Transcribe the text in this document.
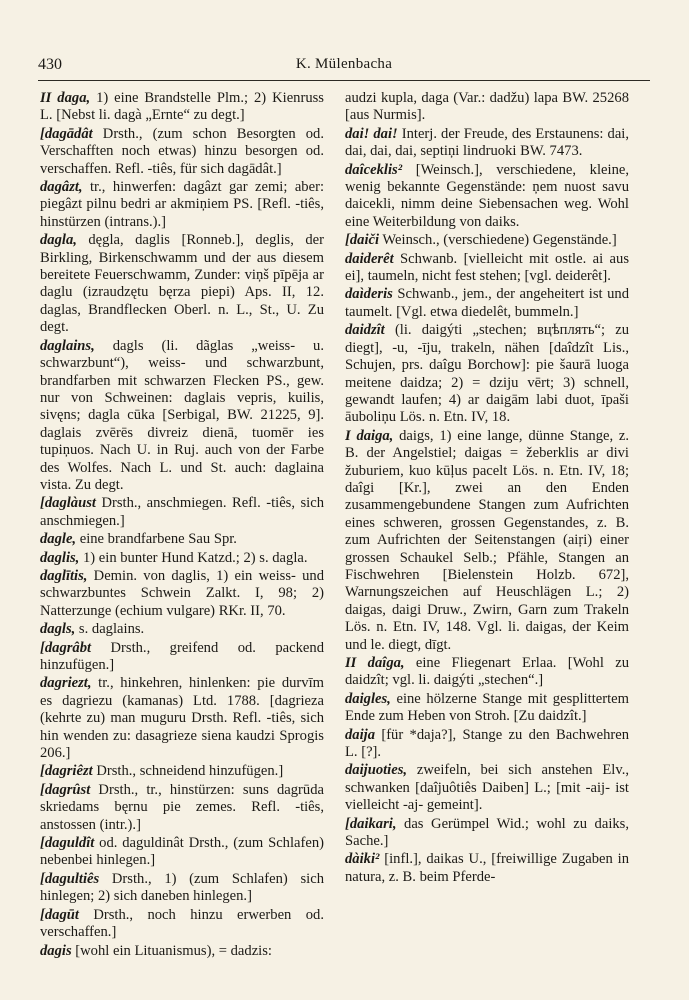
430	K. Mülenbacha

II daga, 1) eine Brandstelle Plm.; 2) Kienruss L. [Nebst li. dagà „Ernte“ zu degt.]

[dagādât Drsth., (zum schon Besorgten od. Verschafften noch etwas) hinzu besorgen od. verschaffen. Refl. -tiês, für sich dagādât.]

dagâzt, tr., hinwerfen: dagâzt gar zemi; aber: piegâzt pilnu bedri ar akmiņiem PS. [Refl. -tiês, hinstürzen (intrans.).]

dagla, dęgla, daglis [Ronneb.], deglis, der Birkling, Birkenschwamm und der aus diesem bereitete Feuerschwamm, Zunder: viņš pīpēja ar daglu (izraudzętu bęrza piepi) Aps. II, 12. daglas, Brandflecken Oberl. n. L., St., U. Zu degt.

daglains, dagls (li. dãglas „weiss- u. schwarzbunt“), weiss- und schwarzbunt, brandfarben mit schwarzen Flecken PS., gew. nur von Schweinen: daglais vepris, kuilis, sivęns; dagla cūka [Serbigal, BW. 21225, 9]. daglais zvērēs divreiz dienā, tuomēr ies tupiņuos. Nach U. in Ruj. auch von der Farbe des Wolfes. Nach L. und St. auch: daglaina vista. Zu degt.

[daglàust Drsth., anschmiegen. Refl. -tiês, sich anschmiegen.]

dagle, eine brandfarbene Sau Spr.

daglis, 1) ein bunter Hund Katzd.; 2) s. dagla.

daglītis, Demin. von daglis, 1) ein weiss- und schwarzbuntes Schwein Zalkt. I, 98; 2) Natterzunge (echium vulgare) RKr. II, 70.

dagls, s. daglains.

[dagrâbt Drsth., greifend od. packend hinzufügen.]

dagriezt, tr., hinkehren, hinlenken: pie durvīm es dagriezu (kamanas) Ltd. 1788. [dagrieza (kehrte zu) man muguru Drsth. Refl. -tiês, sich hin wenden zu: dasagrieze siena kaudzi Sprogis 206.]

[dagriêzt Drsth., schneidend hinzufügen.]

[dagrûst Drsth., tr., hinstürzen: suns dagrūda skriedams bęrnu pie zemes. Refl. -tiês, anstossen (intr.).]

[daguldît od. daguldinât Drsth., (zum Schlafen) nebenbei hinlegen.]

[dagultiês Drsth., 1) (zum Schlafen) sich hinlegen; 2) sich daneben hinlegen.]

[dagūt Drsth., noch hinzu erwerben od. verschaffen.]

dagis [wohl ein Lituanismus), = dadzis:

audzi kupla, daga (Var.: dadžu) lapa BW. 25268 [aus Nurmis].

dai! dai! Interj. der Freude, des Erstaunens: dai, dai, dai, dai, septiņi lindruoki BW. 7473.

daîceklis² [Weinsch.], verschiedene, kleine, wenig bekannte Gegenstände: ņem nuost savu daicekli, nimm deine Siebensachen weg. Wohl eine Weiterbildung von daiks.

[daiči Weinsch., (verschiedene) Gegenstände.]

daiderêt Schwanb. [vielleicht mit ostle. ai aus ei], taumeln, nicht fest stehen; [vgl. deiderêt].

daìderis Schwanb., jem., der angeheitert ist und taumelt. [Vgl. etwa diedelêt, bummeln.]

daidzît (li. daigýti „stechen; вцѣплять“; zu diegt], -u, -īju, trakeln, nähen [daîdzît Lis., Schujen, prs. daîgu Borchow]: pie šaurā luoga meitene daidza; 2) = dziju vērt; 3) schnell, gewandt laufen; 4) ar daigām labi duot, īpaši āuboliņu Lös. n. Etn. IV, 18.

I daiga, daigs, 1) eine lange, dünne Stange, z. B. der Angelstiel; daigas = žeberklis ar divi žuburiem, kuo kūļus pacelt Lös. n. Etn. IV, 18; daîgi [Kr.], zwei an den Enden zusammengebundene Stangen zum Aufrichten eines schweren, grossen Gegenstandes, z. B. zum Aufrichten der Seitenstangen (aiŗi) einer grossen Schaukel Selb.; Pfähle, Stangen an Fischwehren [Bielenstein Holzb. 672], Warnungszeichen auf Heuschlägen L.; 2) daigas, daigi Druw., Zwirn, Garn zum Trakeln Lös. n. Etn. IV, 148. Vgl. li. daigas, der Keim und le. diegt, dīgt.

II daîga, eine Fliegenart Erlaa. [Wohl zu daidzît; vgl. li. daigýti „stechen“.]

daigles, eine hölzerne Stange mit gesplittertem Ende zum Heben von Stroh. [Zu daidzît.]

daija [für *daja?], Stange zu den Bachwehren L. [?].

daijuoties, zweifeln, bei sich anstehen Elv., schwanken [daîjuôtiês Daiben] L.; [mit -aij- ist vielleicht -aj- gemeint].

[daikari, das Gerümpel Wid.; wohl zu daiks, Sache.]

dàiki² [infl.], daikas U., [freiwillige Zugaben in natura, z. B. beim Pferde-
